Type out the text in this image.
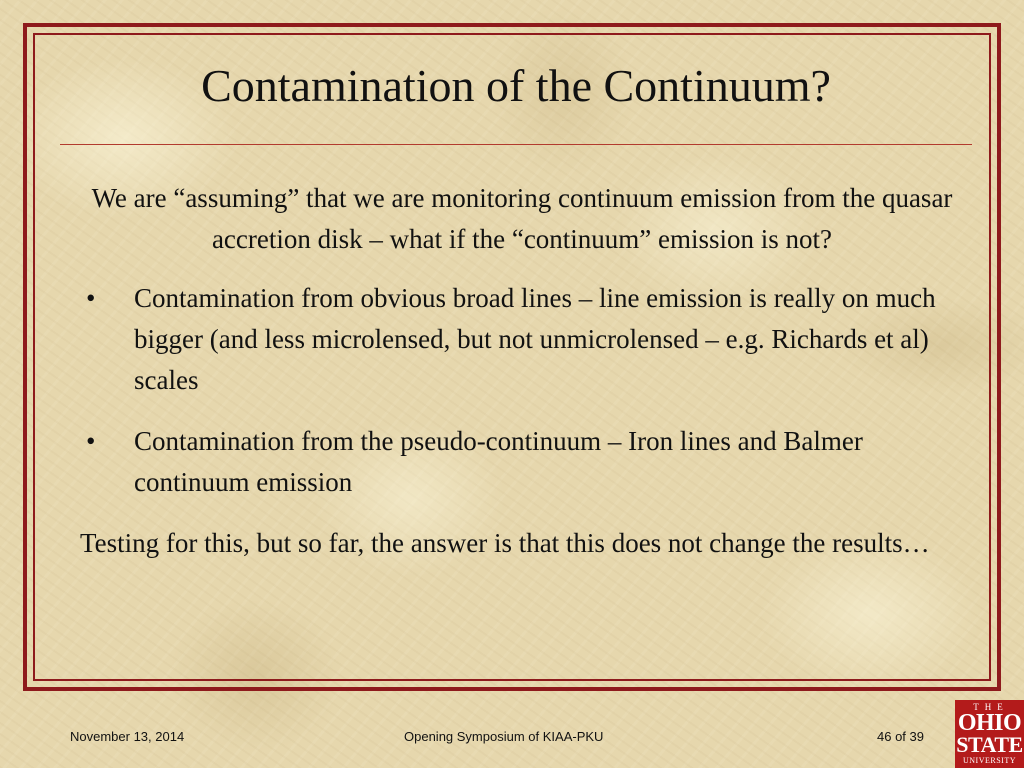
Contamination of the Continuum?

We are “assuming” that we are monitoring continuum emission from the quasar accretion disk – what if the “continuum” emission is not?

• Contamination from obvious broad lines – line emission is really on much bigger (and less microlensed, but not unmicrolensed – e.g. Richards et al) scales
• Contamination from the pseudo-continuum – Iron lines and Balmer continuum emission

Testing for this, but so far, the answer is that this does not change the results…

November 13, 2014	Opening Symposium of KIAA-PKU	46 of 39
THE
OHIO
STATE
UNIVERSITY
